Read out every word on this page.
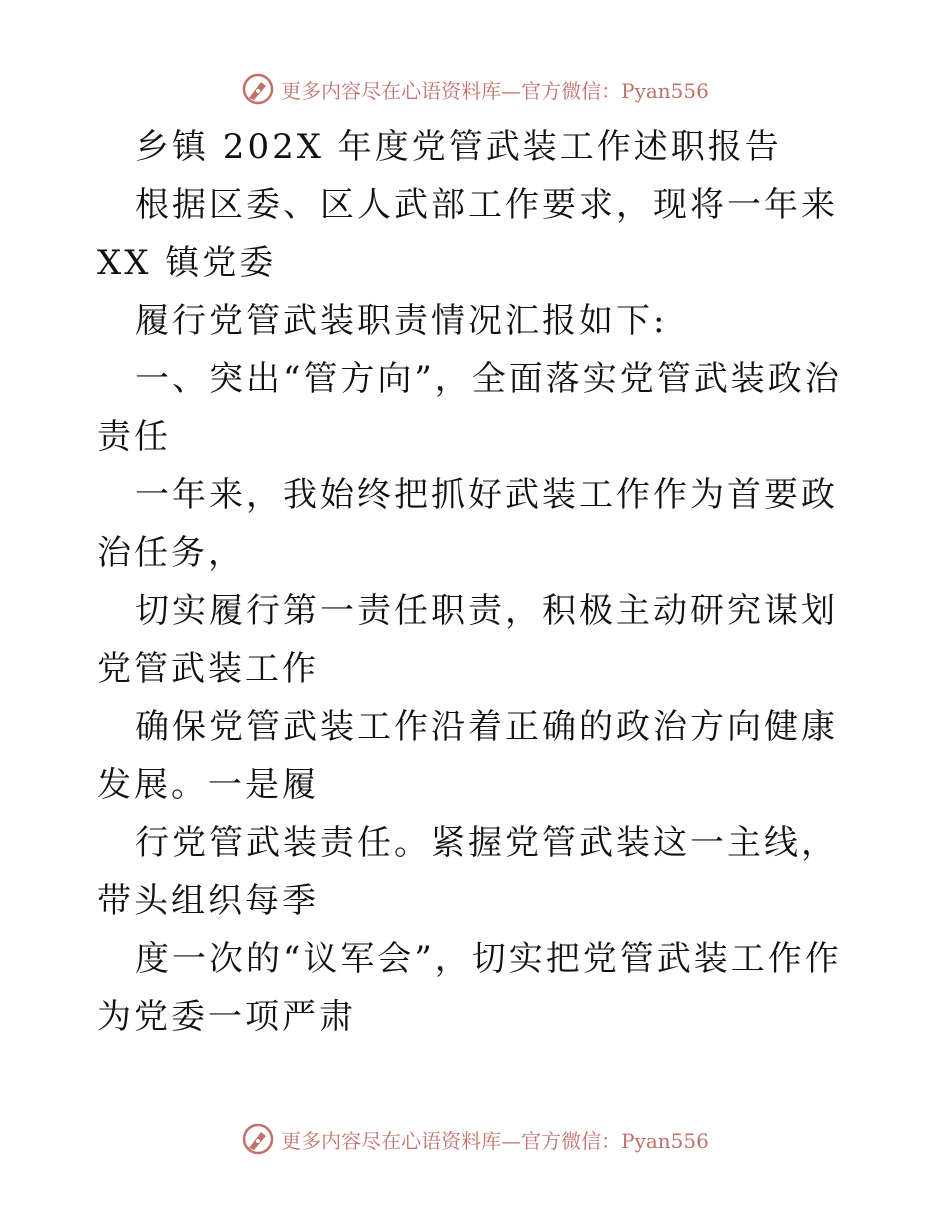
更多内容尽在心语资料库—官方微信：Pyan556

乡镇 202X 年度党管武装工作述职报告

根据区委、区人武部工作要求，现将一年来 XX 镇党委

履行党管武装职责情况汇报如下:

一、突出“管方向”，全面落实党管武装政治责任

一年来，我始终把抓好武装工作作为首要政治任务，

切实履行第一责任职责，积极主动研究谋划党管武装工作

确保党管武装工作沿着正确的政治方向健康发展。一是履

行党管武装责任。紧握党管武装这一主线，带头组织每季

度一次的“议军会”，切实把党管武装工作作为党委一项严肃

更多内容尽在心语资料库—官方微信：Pyan556
